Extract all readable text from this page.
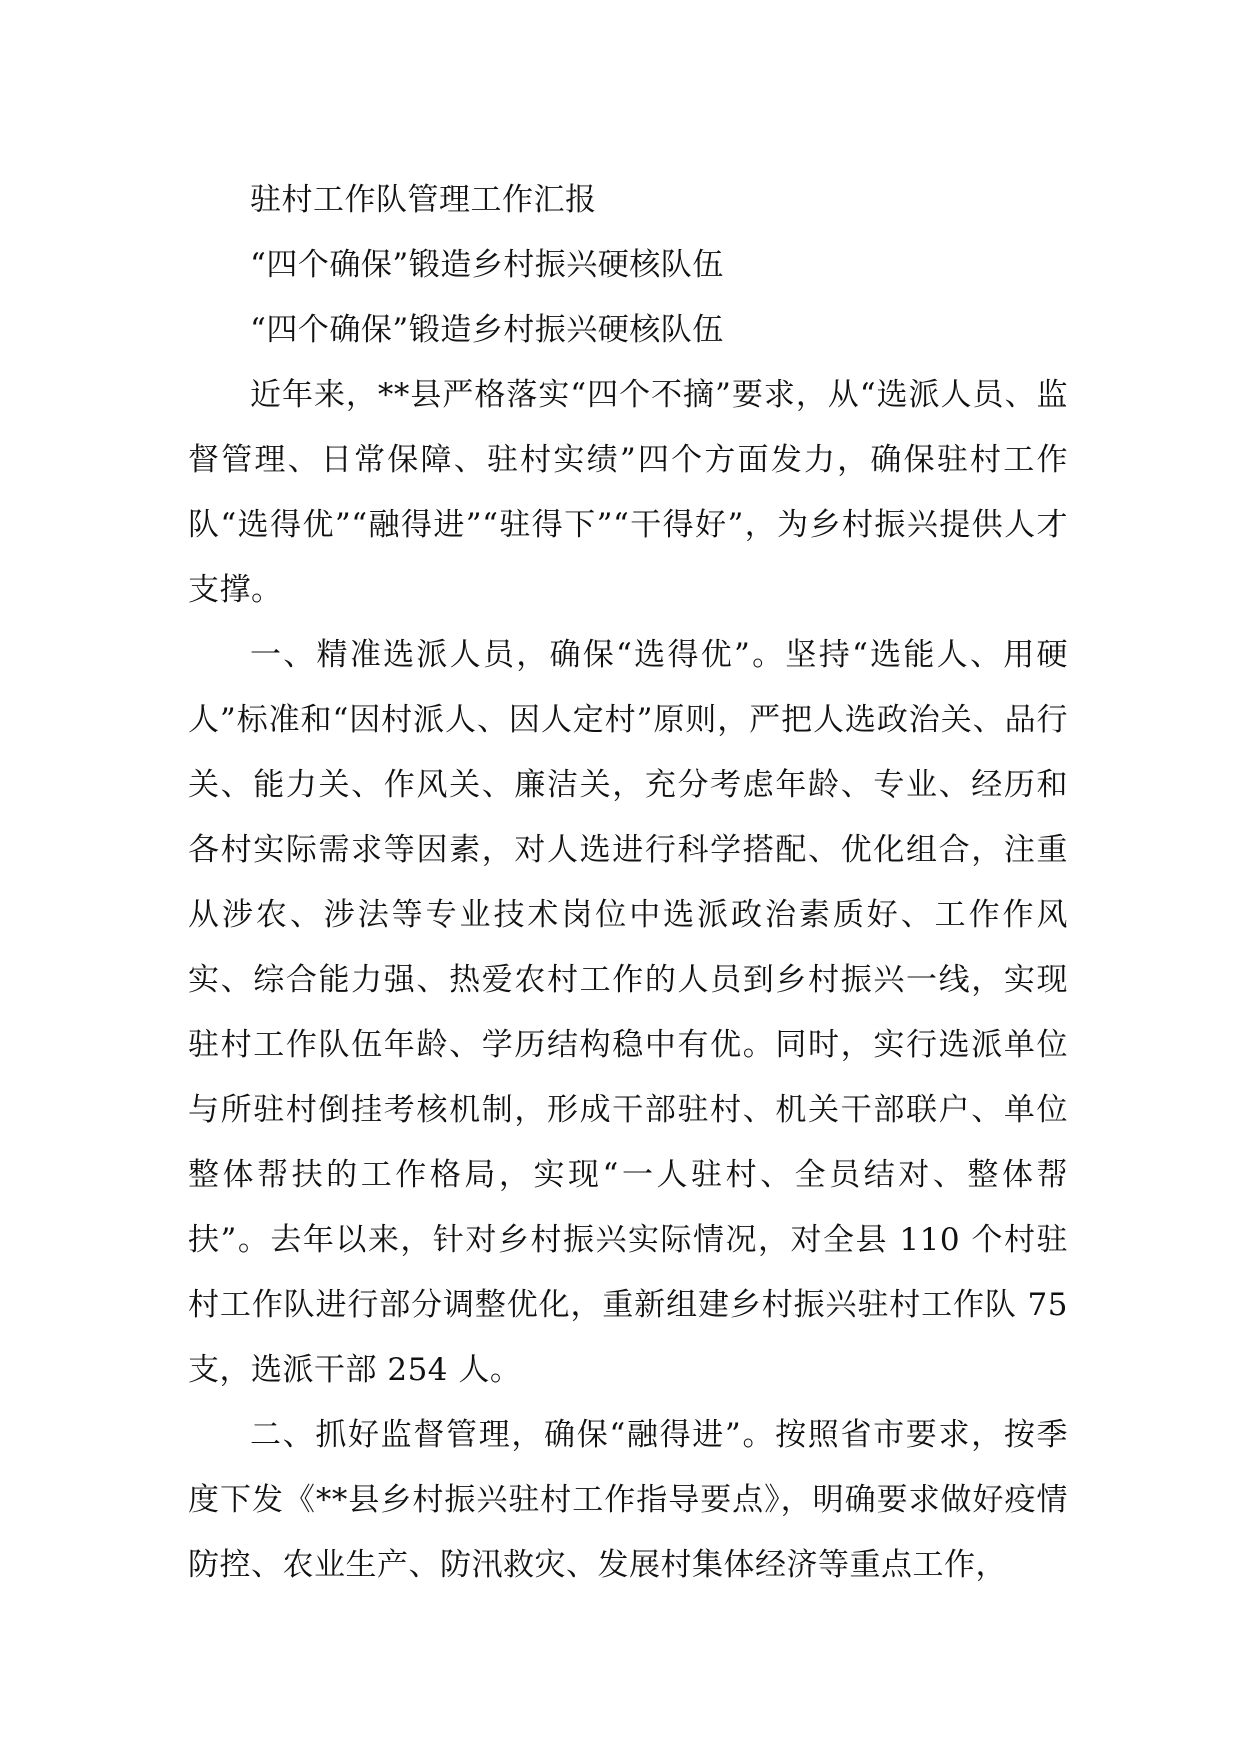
驻村工作队管理工作汇报
“四个确保”锻造乡村振兴硬核队伍
“四个确保”锻造乡村振兴硬核队伍

近年来，**县严格落实“四个不摘”要求，从“选派人员、监督管理、日常保障、驻村实绩”四个方面发力，确保驻村工作队“选得优”“融得进”“驻得下”“干得好”，为乡村振兴提供人才支撑。

一、精准选派人员，确保“选得优”。坚持“选能人、用硬人”标准和“因村派人、因人定村”原则，严把人选政治关、品行关、能力关、作风关、廉洁关，充分考虑年龄、专业、经历和各村实际需求等因素，对人选进行科学搭配、优化组合，注重从涉农、涉法等专业技术岗位中选派政治素质好、工作作风实、综合能力强、热爱农村工作的人员到乡村振兴一线，实现驻村工作队伍年龄、学历结构稳中有优。同时，实行选派单位与所驻村倒挂考核机制，形成干部驻村、机关干部联户、单位整体帮扶的工作格局，实现“一人驻村、全员结对、整体帮扶”。去年以来，针对乡村振兴实际情况，对全县 110 个村驻村工作队进行部分调整优化，重新组建乡村振兴驻村工作队 75 支，选派干部 254 人。

二、抓好监督管理，确保“融得进”。按照省市要求，按季度下发《**县乡村振兴驻村工作指导要点》，明确要求做好疫情防控、农业生产、防汛救灾、发展村集体经济等重点工作，
